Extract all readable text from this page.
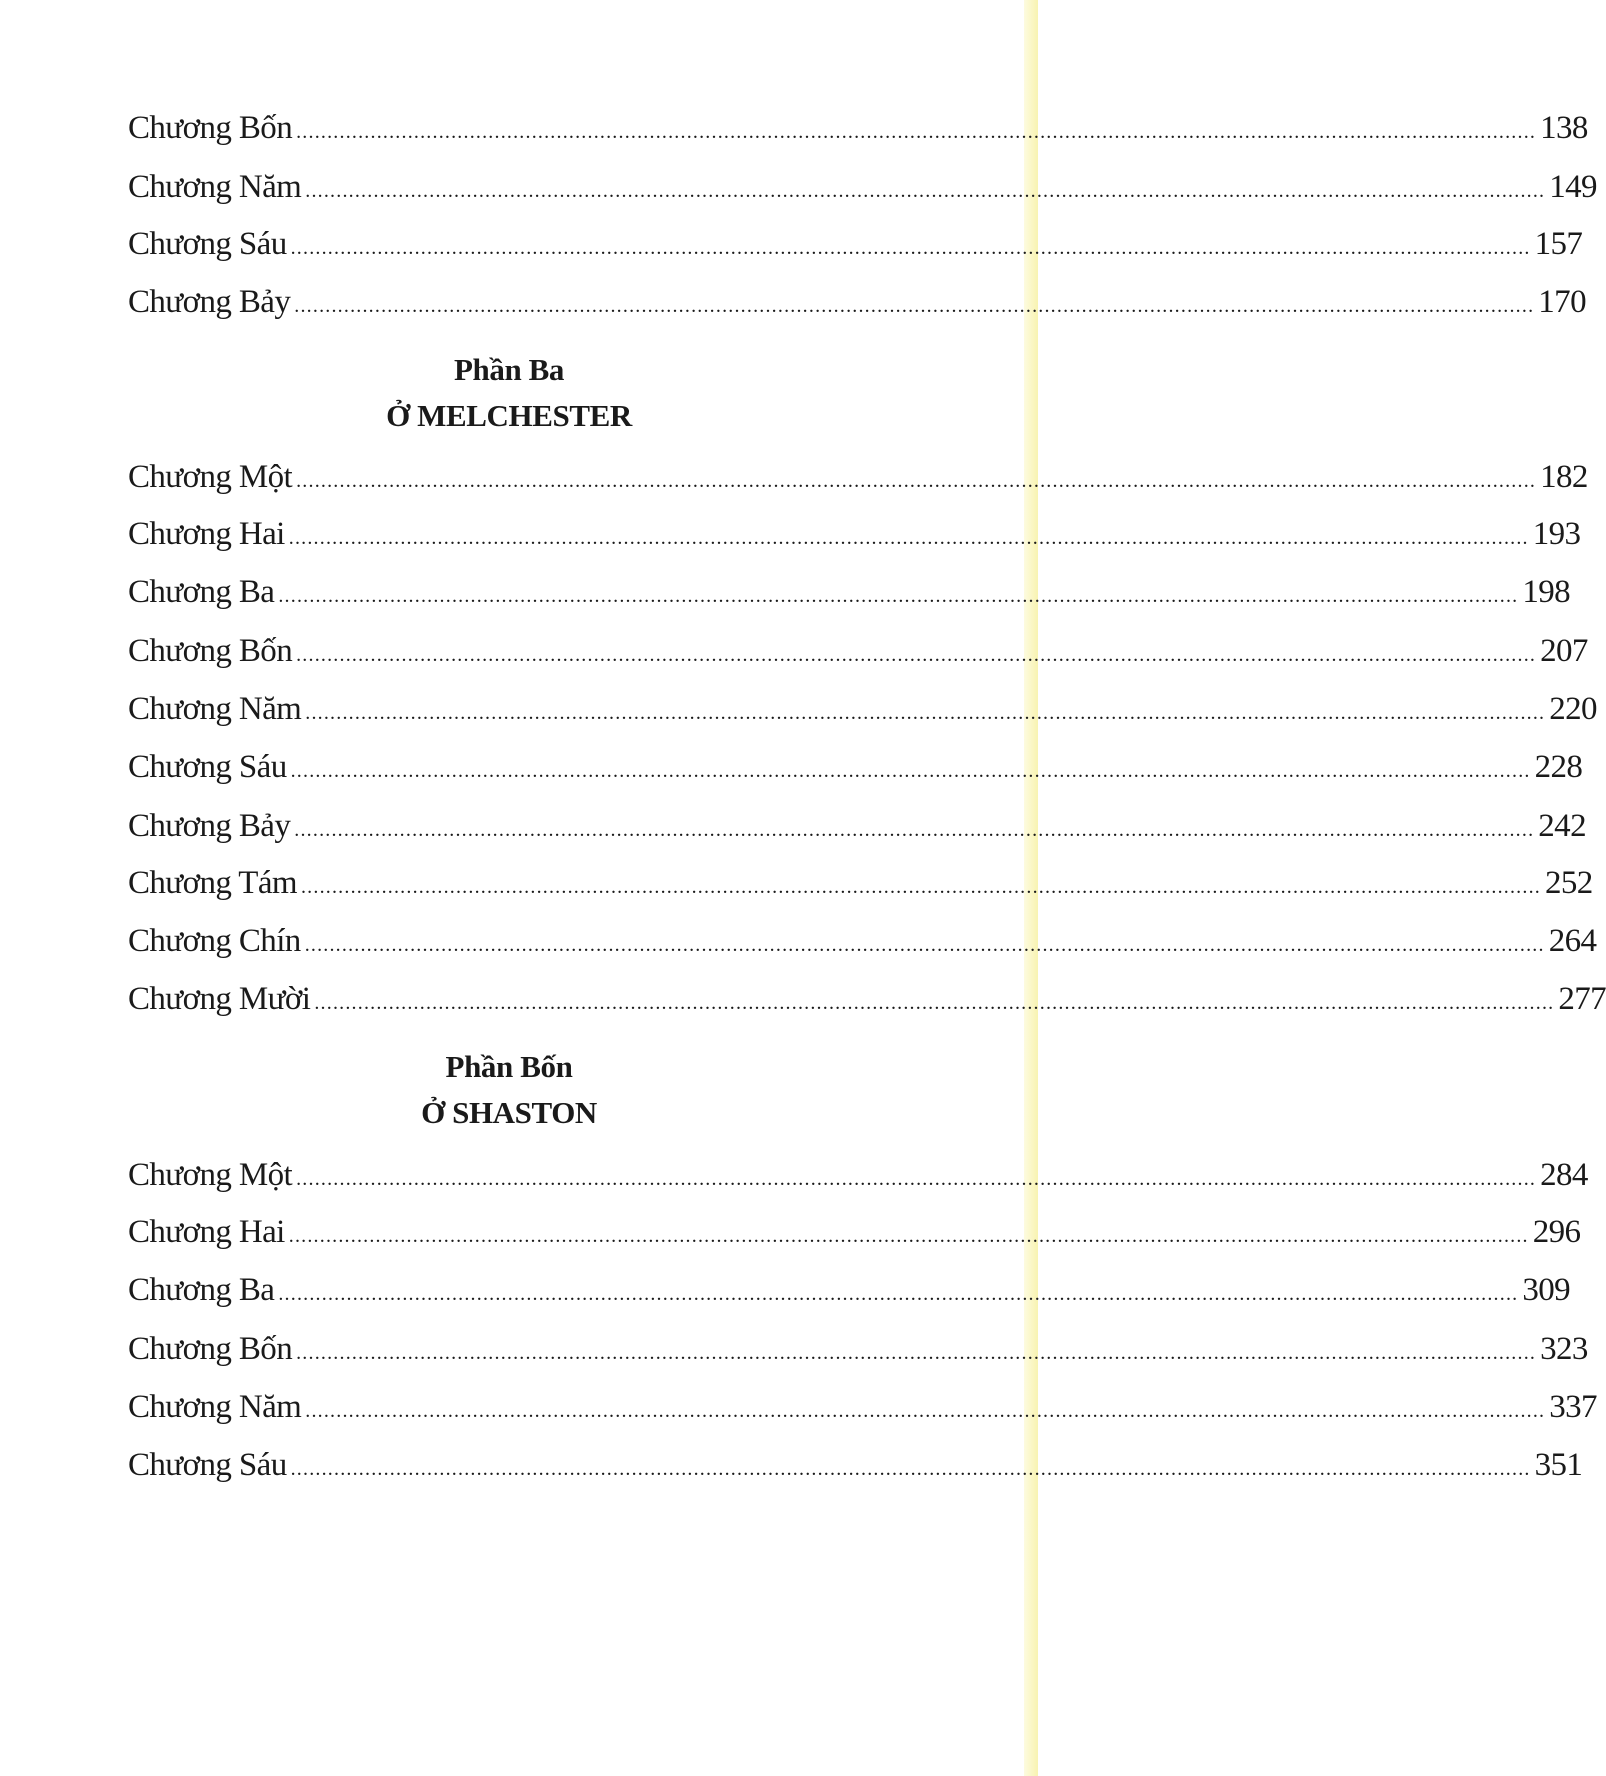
Phần Ba
Ở MELCHESTER
Phần Bốn
Ở SHASTON
Chương Bốn ........................................................................................................................................................................................................ 138
Chương Năm ........................................................................................................................................................................................................ 149
Chương Sáu ........................................................................................................................................................................................................ 157
Chương Bảy ........................................................................................................................................................................................................ 170
Chương Một ........................................................................................................................................................................................................ 182
Chương Hai ........................................................................................................................................................................................................ 193
Chương Ba ........................................................................................................................................................................................................ 198
Chương Bốn ........................................................................................................................................................................................................ 207
Chương Năm ........................................................................................................................................................................................................ 220
Chương Sáu ........................................................................................................................................................................................................ 228
Chương Bảy ........................................................................................................................................................................................................ 242
Chương Tám ........................................................................................................................................................................................................ 252
Chương Chín ........................................................................................................................................................................................................ 264
Chương Mười ........................................................................................................................................................................................................ 277
Chương Một ........................................................................................................................................................................................................ 284
Chương Hai ........................................................................................................................................................................................................ 296
Chương Ba ........................................................................................................................................................................................................ 309
Chương Bốn ........................................................................................................................................................................................................ 323
Chương Năm ........................................................................................................................................................................................................ 337
Chương Sáu ........................................................................................................................................................................................................ 351
